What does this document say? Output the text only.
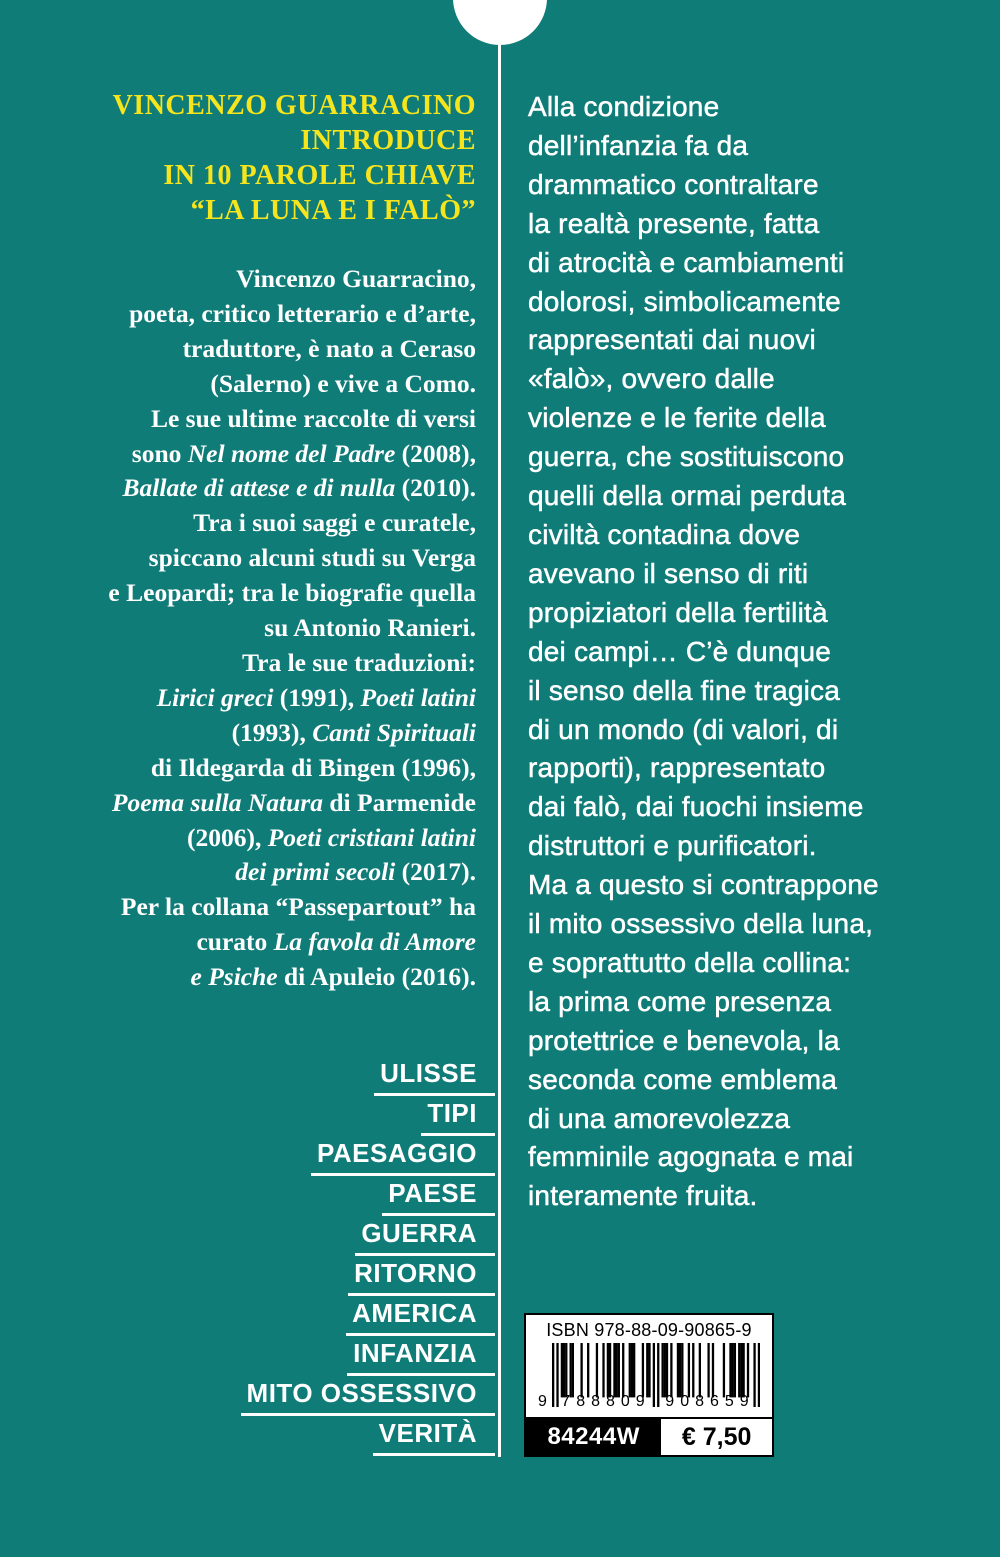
VINCENZO GUARRACINO
INTRODUCE
IN 10 PAROLE CHIAVE
“LA LUNA E I FALÒ”
Vincenzo Guarracino,
poeta, critico letterario e d’arte,
traduttore, è nato a Ceraso
(Salerno) e vive a Como.
Le sue ultime raccolte di versi
sono Nel nome del Padre (2008),
Ballate di attese e di nulla (2010).
Tra i suoi saggi e curatele,
spiccano alcuni studi su Verga
e Leopardi; tra le biografie quella
su Antonio Ranieri.
Tra le sue traduzioni:
Lirici greci (1991), Poeti latini
(1993), Canti Spirituali
di Ildegarda di Bingen (1996),
Poema sulla Natura di Parmenide
(2006), Poeti cristiani latini
dei primi secoli (2017).
Per la collana “Passepartout” ha
curato La favola di Amore
e Psiche di Apuleio (2016).
ULISSE
TIPI
PAESAGGIO
PAESE
GUERRA
RITORNO
AMERICA
INFANZIA
MITO OSSESSIVO
VERITÀ
Alla condizione
dell’infanzia fa da
drammatico contraltare
la realtà presente, fatta
di atrocità e cambiamenti
dolorosi, simbolicamente
rappresentati dai nuovi
«falò», ovvero dalle
violenze e le ferite della
guerra, che sostituiscono
quelli della ormai perduta
civiltà contadina dove
avevano il senso di riti
propiziatori della fertilità
dei campi… C’è dunque
il senso della fine tragica
di un mondo (di valori, di
rapporti), rappresentato
dai falò, dai fuochi insieme
distruttori e purificatori.
Ma a questo si contrappone
il mito ossessivo della luna,
e soprattutto della collina:
la prima come presenza
protettrice e benevola, la
seconda come emblema
di una amorevolezza
femminile agognata e mai
interamente fruita.
ISBN 978-88-09-90865-9
9 788809 908659
84244W	€ 7,50
